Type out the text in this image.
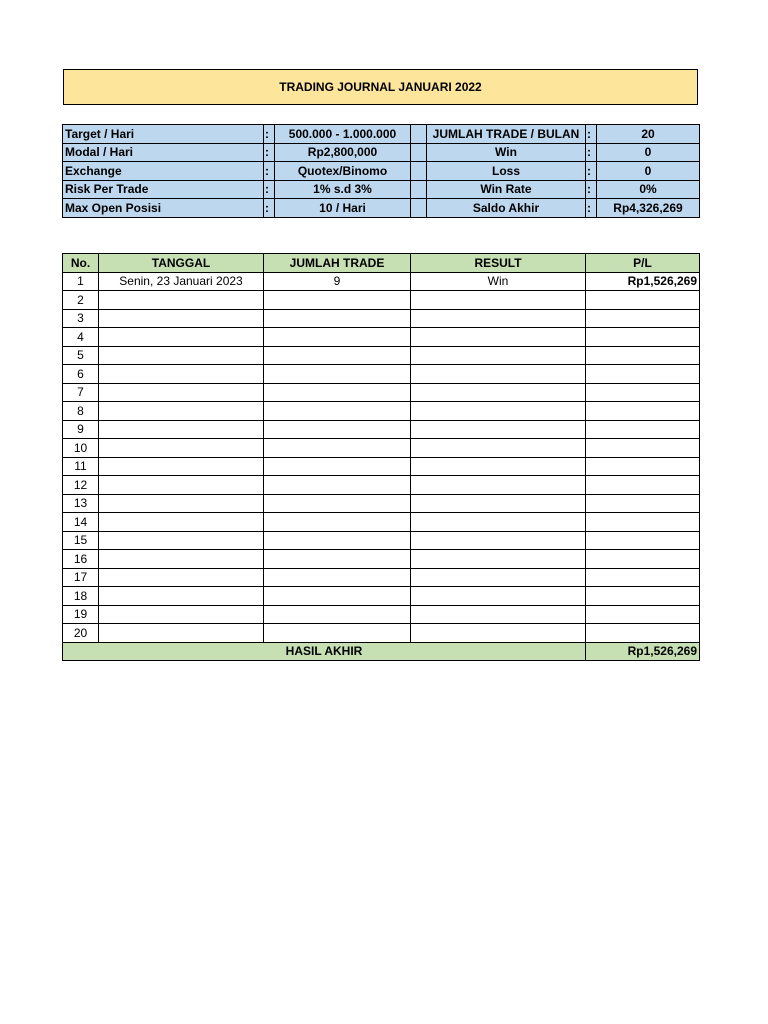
TRADING JOURNAL JANUARI 2022
Target / Hari	:	500.000 - 1.000.000		JUMLAH TRADE / BULAN	:	20
Modal / Hari	:	Rp2,800,000		Win	:	0
Exchange	:	Quotex/Binomo		Loss	:	0
Risk Per Trade	:	1% s.d 3%		Win Rate	:	0%
Max Open Posisi	:	10 / Hari		Saldo Akhir	:	Rp4,326,269
No.	TANGGAL	JUMLAH TRADE	RESULT	P/L
1	Senin, 23 Januari 2023	9	Win	Rp1,526,269
2				
3				
4				
5				
6				
7				
8				
9				
10				
11				
12				
13				
14				
15				
16				
17				
18				
19				
20				
HASIL AKHIR				Rp1,526,269
